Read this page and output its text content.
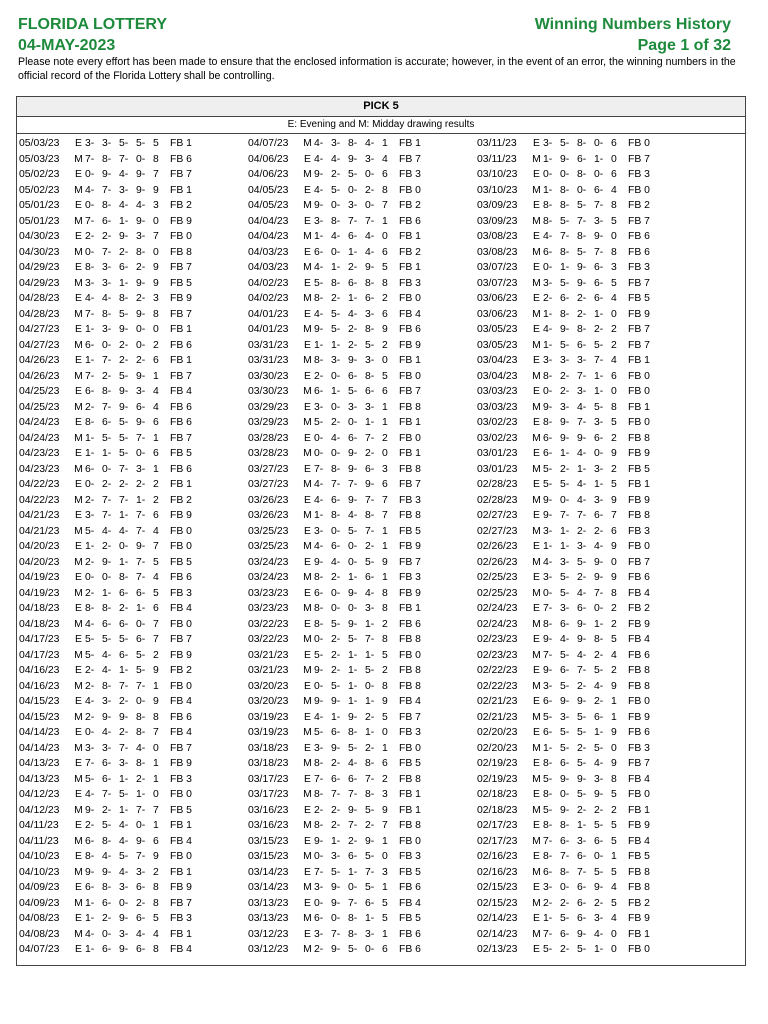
FLORIDA LOTTERY
04-MAY-2023
Winning Numbers History
Page 1 of 32
Please note every effort has been made to ensure that the enclosed information is accurate; however, in the event of an error, the winning numbers in the official record of the Florida Lottery shall be controlling.
PICK 5
E: Evening and M: Midday drawing results
05/03/23	E 3- 3- 5- 5- 5	FB 1
05/03/23	M 7- 8- 7- 0- 8	FB 6
05/02/23	E 0- 9- 4- 9- 7	FB 7
05/02/23	M 4- 7- 3- 9- 9	FB 1
05/01/23	E 0- 8- 4- 4- 3	FB 2
05/01/23	M 7- 6- 1- 9- 0	FB 9
04/30/23	E 2- 2- 9- 3- 7	FB 0
04/30/23	M 0- 7- 2- 8- 0	FB 8
04/29/23	E 8- 3- 6- 2- 9	FB 7
04/29/23	M 3- 3- 1- 9- 9	FB 5
04/28/23	E 4- 4- 8- 2- 3	FB 9
04/28/23	M 7- 8- 5- 9- 8	FB 7
04/27/23	E 1- 3- 9- 0- 0	FB 1
04/27/23	M 6- 0- 2- 0- 2	FB 6
04/26/23	E 1- 7- 2- 2- 6	FB 1
04/26/23	M 7- 2- 5- 9- 1	FB 7
04/25/23	E 6- 8- 9- 3- 4	FB 4
04/25/23	M 2- 7- 9- 6- 4	FB 6
04/24/23	E 8- 6- 5- 9- 6	FB 6
04/24/23	M 1- 5- 5- 7- 1	FB 7
04/23/23	E 1- 1- 5- 0- 6	FB 5
04/23/23	M 6- 0- 7- 3- 1	FB 6
04/22/23	E 0- 2- 2- 2- 2	FB 1
04/22/23	M 2- 7- 7- 1- 2	FB 2
04/21/23	E 3- 7- 1- 7- 6	FB 9
04/21/23	M 5- 4- 4- 7- 4	FB 0
04/20/23	E 1- 2- 0- 9- 7	FB 0
04/20/23	M 2- 9- 1- 7- 5	FB 5
04/19/23	E 0- 0- 8- 7- 4	FB 6
04/19/23	M 2- 1- 6- 6- 5	FB 3
04/18/23	E 8- 8- 2- 1- 6	FB 4
04/18/23	M 4- 6- 6- 0- 7	FB 0
04/17/23	E 5- 5- 5- 6- 7	FB 7
04/17/23	M 5- 4- 6- 5- 2	FB 9
04/16/23	E 2- 4- 1- 5- 9	FB 2
04/16/23	M 2- 8- 7- 7- 1	FB 0
04/15/23	E 4- 3- 2- 0- 9	FB 4
04/15/23	M 2- 9- 9- 8- 8	FB 6
04/14/23	E 0- 4- 2- 8- 7	FB 4
04/14/23	M 3- 3- 7- 4- 0	FB 7
04/13/23	E 7- 6- 3- 8- 1	FB 9
04/13/23	M 5- 6- 1- 2- 1	FB 3
04/12/23	E 4- 7- 5- 1- 0	FB 0
04/12/23	M 9- 2- 1- 7- 7	FB 5
04/11/23	E 2- 5- 4- 0- 1	FB 1
04/11/23	M 6- 8- 4- 9- 6	FB 4
04/10/23	E 8- 4- 5- 7- 9	FB 0
04/10/23	M 9- 9- 4- 3- 2	FB 1
04/09/23	E 6- 8- 3- 6- 8	FB 9
04/09/23	M 1- 6- 0- 2- 8	FB 7
04/08/23	E 1- 2- 9- 6- 5	FB 3
04/08/23	M 4- 0- 3- 4- 4	FB 1
04/07/23	E 1- 6- 9- 6- 8	FB 4
04/07/23	M 4- 3- 8- 4- 1	FB 1
04/06/23	E 4- 4- 9- 3- 4	FB 7
04/06/23	M 9- 2- 5- 0- 6	FB 3
04/05/23	E 4- 5- 0- 2- 8	FB 0
04/05/23	M 9- 0- 3- 0- 7	FB 2
04/04/23	E 3- 8- 7- 7- 1	FB 6
04/04/23	M 1- 4- 6- 4- 0	FB 1
04/03/23	E 6- 0- 1- 4- 6	FB 2
04/03/23	M 4- 1- 2- 9- 5	FB 1
04/02/23	E 5- 8- 6- 8- 8	FB 3
04/02/23	M 8- 2- 1- 6- 2	FB 0
04/01/23	E 4- 5- 4- 3- 6	FB 4
04/01/23	M 9- 5- 2- 8- 9	FB 6
03/31/23	E 1- 1- 2- 5- 2	FB 9
03/31/23	M 8- 3- 9- 3- 0	FB 1
03/30/23	E 2- 0- 6- 8- 5	FB 0
03/30/23	M 6- 1- 5- 6- 6	FB 7
03/29/23	E 3- 0- 3- 3- 1	FB 8
03/29/23	M 5- 2- 0- 1- 1	FB 1
03/28/23	E 0- 4- 6- 7- 2	FB 0
03/28/23	M 0- 0- 9- 2- 0	FB 1
03/27/23	E 7- 8- 9- 6- 3	FB 8
03/27/23	M 4- 7- 7- 9- 6	FB 7
03/26/23	E 4- 6- 9- 7- 7	FB 3
03/26/23	M 1- 8- 4- 8- 7	FB 8
03/25/23	E 3- 0- 5- 7- 1	FB 5
03/25/23	M 4- 6- 0- 2- 1	FB 9
03/24/23	E 9- 4- 0- 5- 9	FB 7
03/24/23	M 8- 2- 1- 6- 1	FB 3
03/23/23	E 6- 0- 9- 4- 8	FB 9
03/23/23	M 8- 0- 0- 3- 8	FB 1
03/22/23	E 8- 5- 9- 1- 2	FB 6
03/22/23	M 0- 2- 5- 7- 8	FB 8
03/21/23	E 5- 2- 1- 1- 5	FB 0
03/21/23	M 9- 2- 1- 5- 2	FB 8
03/20/23	E 0- 5- 1- 0- 8	FB 8
03/20/23	M 9- 9- 1- 1- 9	FB 4
03/19/23	E 4- 1- 9- 2- 5	FB 7
03/19/23	M 5- 6- 8- 1- 0	FB 3
03/18/23	E 3- 9- 5- 2- 1	FB 0
03/18/23	M 8- 2- 4- 8- 6	FB 5
03/17/23	E 7- 6- 6- 7- 2	FB 8
03/17/23	M 8- 7- 7- 8- 3	FB 1
03/16/23	E 2- 2- 9- 5- 9	FB 1
03/16/23	M 8- 2- 7- 2- 7	FB 8
03/15/23	E 9- 1- 2- 9- 1	FB 0
03/15/23	M 0- 3- 6- 5- 0	FB 3
03/14/23	E 7- 5- 1- 7- 3	FB 5
03/14/23	M 3- 9- 0- 5- 1	FB 6
03/13/23	E 0- 9- 7- 6- 5	FB 4
03/13/23	M 6- 0- 8- 1- 5	FB 5
03/12/23	E 3- 7- 8- 3- 1	FB 6
03/12/23	M 2- 9- 5- 0- 6	FB 6
03/11/23	E 3- 5- 8- 0- 6	FB 0
03/11/23	M 1- 9- 6- 1- 0	FB 7
03/10/23	E 0- 0- 8- 0- 6	FB 3
03/10/23	M 1- 8- 0- 6- 4	FB 0
03/09/23	E 8- 8- 5- 7- 8	FB 2
03/09/23	M 8- 5- 7- 3- 5	FB 7
03/08/23	E 4- 7- 8- 9- 0	FB 6
03/08/23	M 6- 8- 5- 7- 8	FB 6
03/07/23	E 0- 1- 9- 6- 3	FB 3
03/07/23	M 3- 5- 9- 6- 5	FB 7
03/06/23	E 2- 6- 2- 6- 4	FB 5
03/06/23	M 1- 8- 2- 1- 0	FB 9
03/05/23	E 4- 9- 8- 2- 2	FB 7
03/05/23	M 1- 5- 6- 5- 2	FB 7
03/04/23	E 3- 3- 3- 7- 4	FB 1
03/04/23	M 8- 2- 7- 1- 6	FB 0
03/03/23	E 0- 2- 3- 1- 0	FB 0
03/03/23	M 9- 3- 4- 5- 8	FB 1
03/02/23	E 8- 9- 7- 3- 5	FB 0
03/02/23	M 6- 9- 9- 6- 2	FB 8
03/01/23	E 6- 1- 4- 0- 9	FB 9
03/01/23	M 5- 2- 1- 3- 2	FB 5
02/28/23	E 5- 5- 4- 1- 5	FB 1
02/28/23	M 9- 0- 4- 3- 9	FB 9
02/27/23	E 9- 7- 7- 6- 7	FB 8
02/27/23	M 3- 1- 2- 2- 6	FB 3
02/26/23	E 1- 1- 3- 4- 9	FB 0
02/26/23	M 4- 3- 5- 9- 0	FB 7
02/25/23	E 3- 5- 2- 9- 9	FB 6
02/25/23	M 0- 5- 4- 7- 8	FB 4
02/24/23	E 7- 3- 6- 0- 2	FB 2
02/24/23	M 8- 6- 9- 1- 2	FB 9
02/23/23	E 9- 4- 9- 8- 5	FB 4
02/23/23	M 7- 5- 4- 2- 4	FB 6
02/22/23	E 9- 6- 7- 5- 2	FB 8
02/22/23	M 3- 5- 2- 4- 9	FB 8
02/21/23	E 6- 9- 9- 2- 1	FB 0
02/21/23	M 5- 3- 5- 6- 1	FB 9
02/20/23	E 6- 5- 5- 1- 9	FB 6
02/20/23	M 1- 5- 2- 5- 0	FB 3
02/19/23	E 8- 6- 5- 4- 9	FB 7
02/19/23	M 5- 9- 9- 3- 8	FB 4
02/18/23	E 8- 0- 5- 9- 5	FB 0
02/18/23	M 5- 9- 2- 2- 2	FB 1
02/17/23	E 8- 8- 1- 5- 5	FB 9
02/17/23	M 7- 6- 3- 6- 5	FB 4
02/16/23	E 8- 7- 6- 0- 1	FB 5
02/16/23	M 6- 8- 7- 5- 5	FB 8
02/15/23	E 3- 0- 6- 9- 4	FB 8
02/15/23	M 2- 2- 6- 2- 5	FB 2
02/14/23	E 1- 5- 6- 3- 4	FB 9
02/14/23	M 7- 6- 9- 4- 0	FB 1
02/13/23	E 5- 2- 5- 1- 0	FB 0
